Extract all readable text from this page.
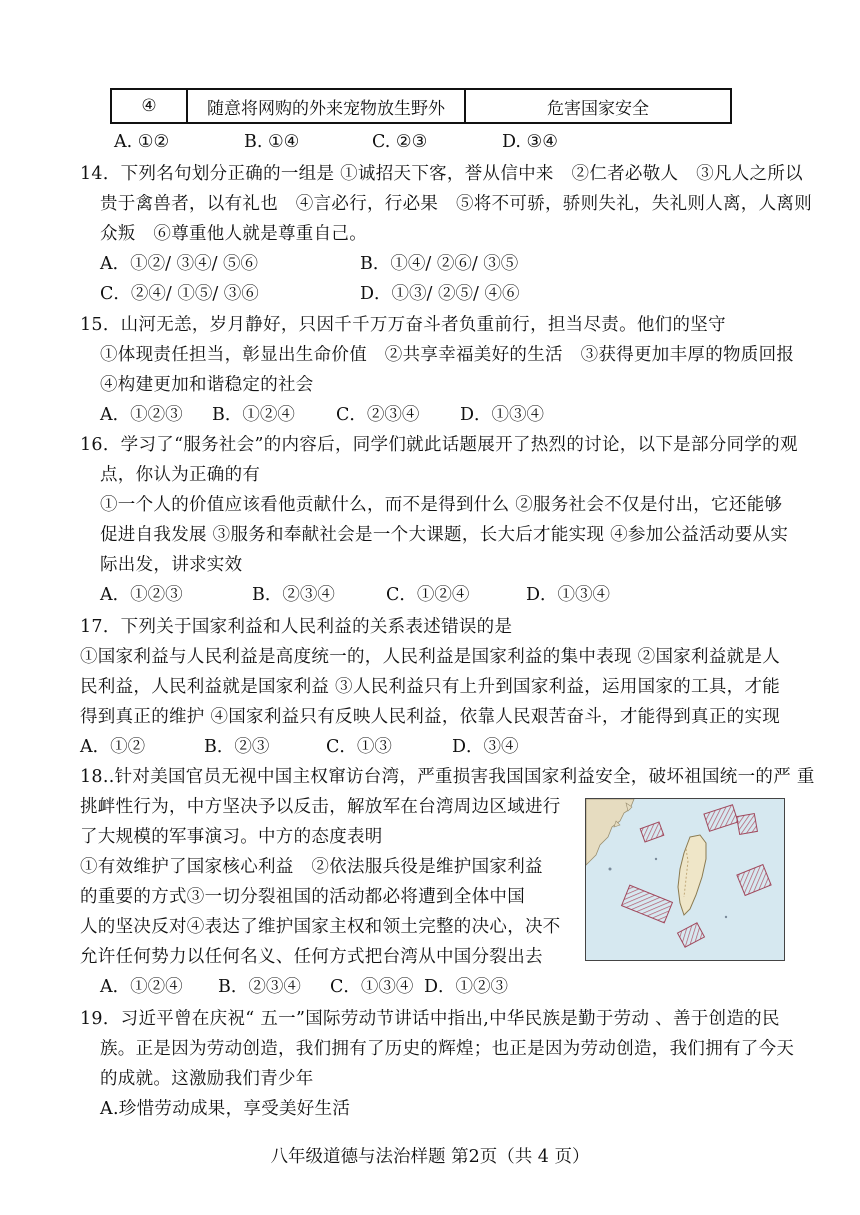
④	随意将网购的外来宠物放生野外	危害国家安全
A. ①②	B. ①④	C. ②③	D. ③④
14．下列名句划分正确的一组是 ①诚招天下客，誉从信中来　②仁者必敬人　③凡人之所以
贵于禽兽者，以有礼也　④言必行，行必果　⑤将不可骄，骄则失礼，失礼则人离，人离则
众叛　⑥尊重他人就是尊重自己。
A．①②/ ③④/ ⑤⑥	B．①④/ ②⑥/ ③⑤
C．②④/ ①⑤/ ③⑥	D．①③/ ②⑤/ ④⑥
15．山河无恙，岁月静好，只因千千万万奋斗者负重前行，担当尽责。他们的坚守
①体现责任担当，彰显出生命价值　②共享幸福美好的生活　③获得更加丰厚的物质回报
④构建更加和谐稳定的社会
A．①②③ B．①②④ C．②③④ D．①③④
16．学习了“服务社会”的内容后，同学们就此话题展开了热烈的讨论，以下是部分同学的观
点，你认为正确的有
①一个人的价值应该看他贡献什么，而不是得到什么 ②服务社会不仅是付出，它还能够
促进自我发展 ③服务和奉献社会是一个大课题，长大后才能实现 ④参加公益活动要从实
际出发，讲求实效
A．①②③	B．②③④	C．①②④	D．①③④
17．下列关于国家利益和人民利益的关系表述错误的是
①国家利益与人民利益是高度统一的，人民利益是国家利益的集中表现 ②国家利益就是人
民利益，人民利益就是国家利益 ③人民利益只有上升到国家利益，运用国家的工具，才能
得到真正的维护 ④国家利益只有反映人民利益，依靠人民艰苦奋斗，才能得到真正的实现
A．①②	B．②③	C．①③	D．③④
18..针对美国官员无视中国主权窜访台湾，严重损害我国国家利益安全，破坏祖国统一的严 重
挑衅性行为，中方坚决予以反击，解放军在台湾周边区域进行
了大规模的军事演习。中方的态度表明
①有效维护了国家核心利益　②依法服兵役是维护国家利益
的重要的方式③一切分裂祖国的活动都必将遭到全体中国
人的坚决反对④表达了维护国家主权和领土完整的决心，决不
允许任何势力以任何名义、任何方式把台湾从中国分裂出去
A．①②④ B．②③④ C．①③④ D．①②③
19．习近平曾在庆祝“ 五一”国际劳动节讲话中指出,中华民族是勤于劳动 、善于创造的民
族。正是因为劳动创造，我们拥有了历史的辉煌；也正是因为劳动创造，我们拥有了今天
的成就。这激励我们青少年
A.珍惜劳动成果，享受美好生活
八年级道德与法治样题 第2页（共 4 页）
